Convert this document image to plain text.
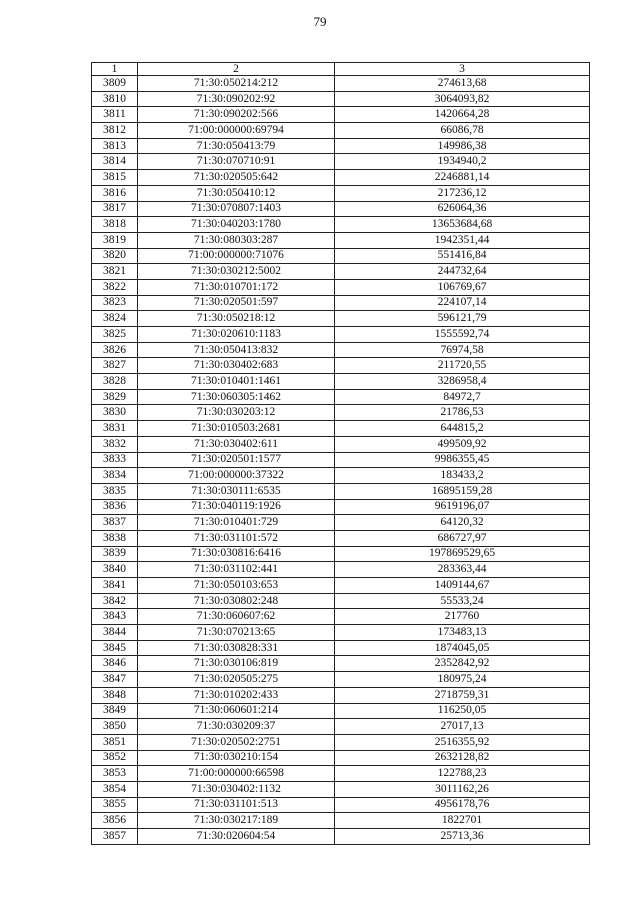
79
1	2	3
3809	71:30:050214:212	274613,68
3810	71:30:090202:92	3064093,82
3811	71:30:090202:566	1420664,28
3812	71:00:000000:69794	66086,78
3813	71:30:050413:79	149986,38
3814	71:30:070710:91	1934940,2
3815	71:30:020505:642	2246881,14
3816	71:30:050410:12	217236,12
3817	71:30:070807:1403	626064,36
3818	71:30:040203:1780	13653684,68
3819	71:30:080303:287	1942351,44
3820	71:00:000000:71076	551416,84
3821	71:30:030212:5002	244732,64
3822	71:30:010701:172	106769,67
3823	71:30:020501:597	224107,14
3824	71:30:050218:12	596121,79
3825	71:30:020610:1183	1555592,74
3826	71:30:050413:832	76974,58
3827	71:30:030402:683	211720,55
3828	71:30:010401:1461	3286958,4
3829	71:30:060305:1462	84972,7
3830	71:30:030203:12	21786,53
3831	71:30:010503:2681	644815,2
3832	71:30:030402:611	499509,92
3833	71:30:020501:1577	9986355,45
3834	71:00:000000:37322	183433,2
3835	71:30:030111:6535	16895159,28
3836	71:30:040119:1926	9619196,07
3837	71:30:010401:729	64120,32
3838	71:30:031101:572	686727,97
3839	71:30:030816:6416	197869529,65
3840	71:30:031102:441	283363,44
3841	71:30:050103:653	1409144,67
3842	71:30:030802:248	55533,24
3843	71:30:060607:62	217760
3844	71:30:070213:65	173483,13
3845	71:30:030828:331	1874045,05
3846	71:30:030106:819	2352842,92
3847	71:30:020505:275	180975,24
3848	71:30:010202:433	2718759,31
3849	71:30:060601:214	116250,05
3850	71:30:030209:37	27017,13
3851	71:30:020502:2751	2516355,92
3852	71:30:030210:154	2632128,82
3853	71:00:000000:66598	122788,23
3854	71:30:030402:1132	3011162,26
3855	71:30:031101:513	4956178,76
3856	71:30:030217:189	1822701
3857	71:30:020604:54	25713,36
